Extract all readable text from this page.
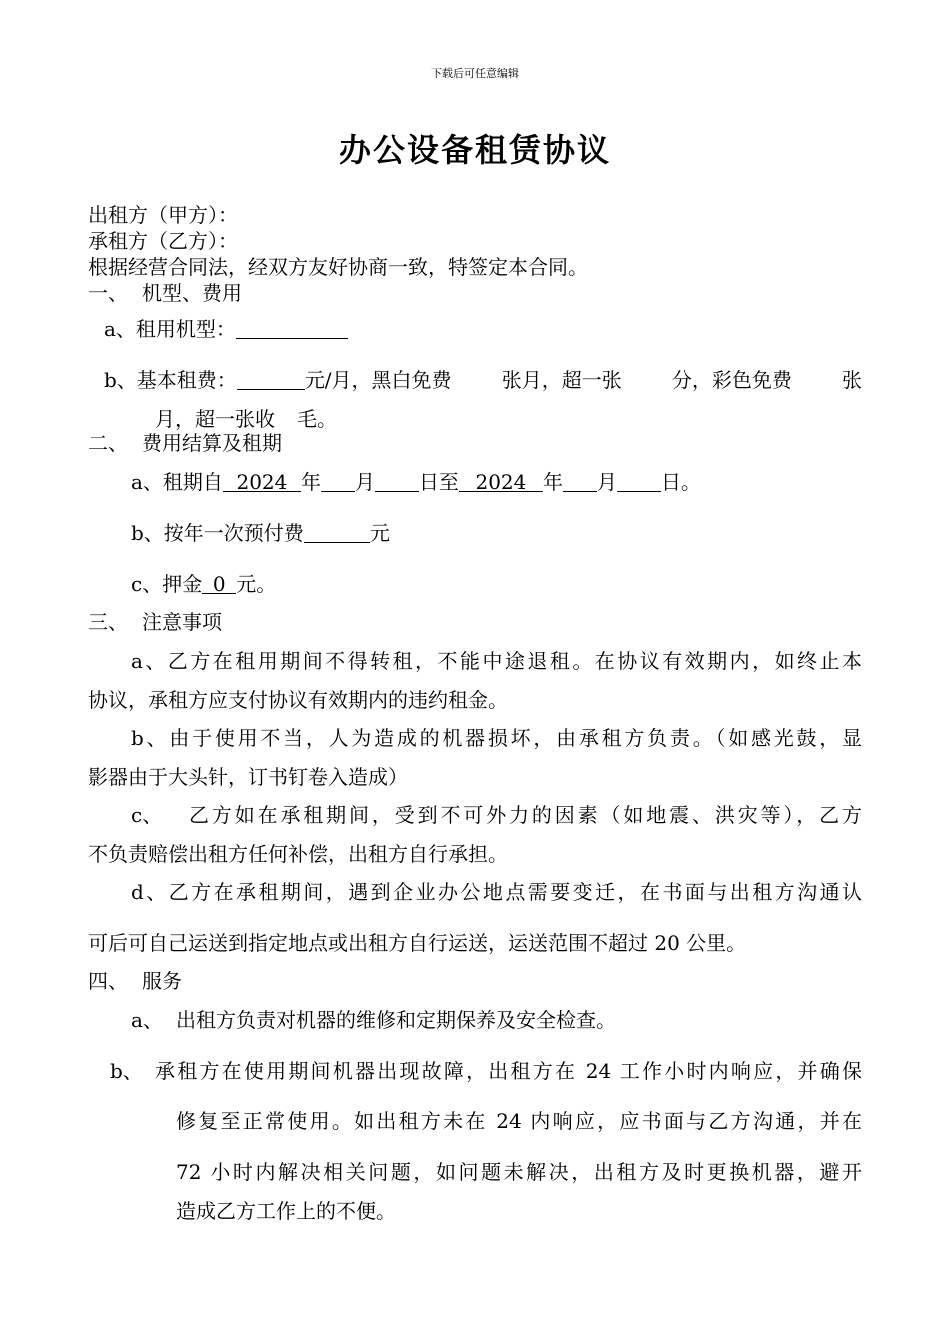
下载后可任意编辑
办公设备租赁协议
出租方（甲方）：
承租方（乙方）：
根据经营合同法，经双方友好协商一致，特签定本合同。
一、 机型、费用
a、租用机型：
b、基本租费：	元/月，黑白免费	张月，超一张	分，彩色免费	张
月，超一张收 毛。
二、 费用结算及租期
a、租期自 2024 年 月 日至 2024 年 月 日。
b、按年一次预付费	元
c、押金 0 元。
三、 注意事项
a、乙方在租用期间不得转租，不能中途退租。在协议有效期内，如终止本
协议，承租方应支付协议有效期内的违约租金。
b、由于使用不当，人为造成的机器损坏，由承租方负责。（如感光鼓，显
影器由于大头针，订书钉卷入造成）
c、 乙方如在承租期间，受到不可外力的因素（如地震、洪灾等），乙方
不负责赔偿出租方任何补偿，出租方自行承担。
d、乙方在承租期间，遇到企业办公地点需要变迁，在书面与出租方沟通认
可后可自己运送到指定地点或出租方自行运送，运送范围不超过 20 公里。
四、 服务
a、 出租方负责对机器的维修和定期保养及安全检查。
b、 承租方在使用期间机器出现故障，出租方在 24 工作小时内响应，并确保
修复至正常使用。如出租方未在 24 内响应，应书面与乙方沟通，并在
72 小时内解决相关问题，如问题未解决，出租方及时更换机器，避开
造成乙方工作上的不便。
